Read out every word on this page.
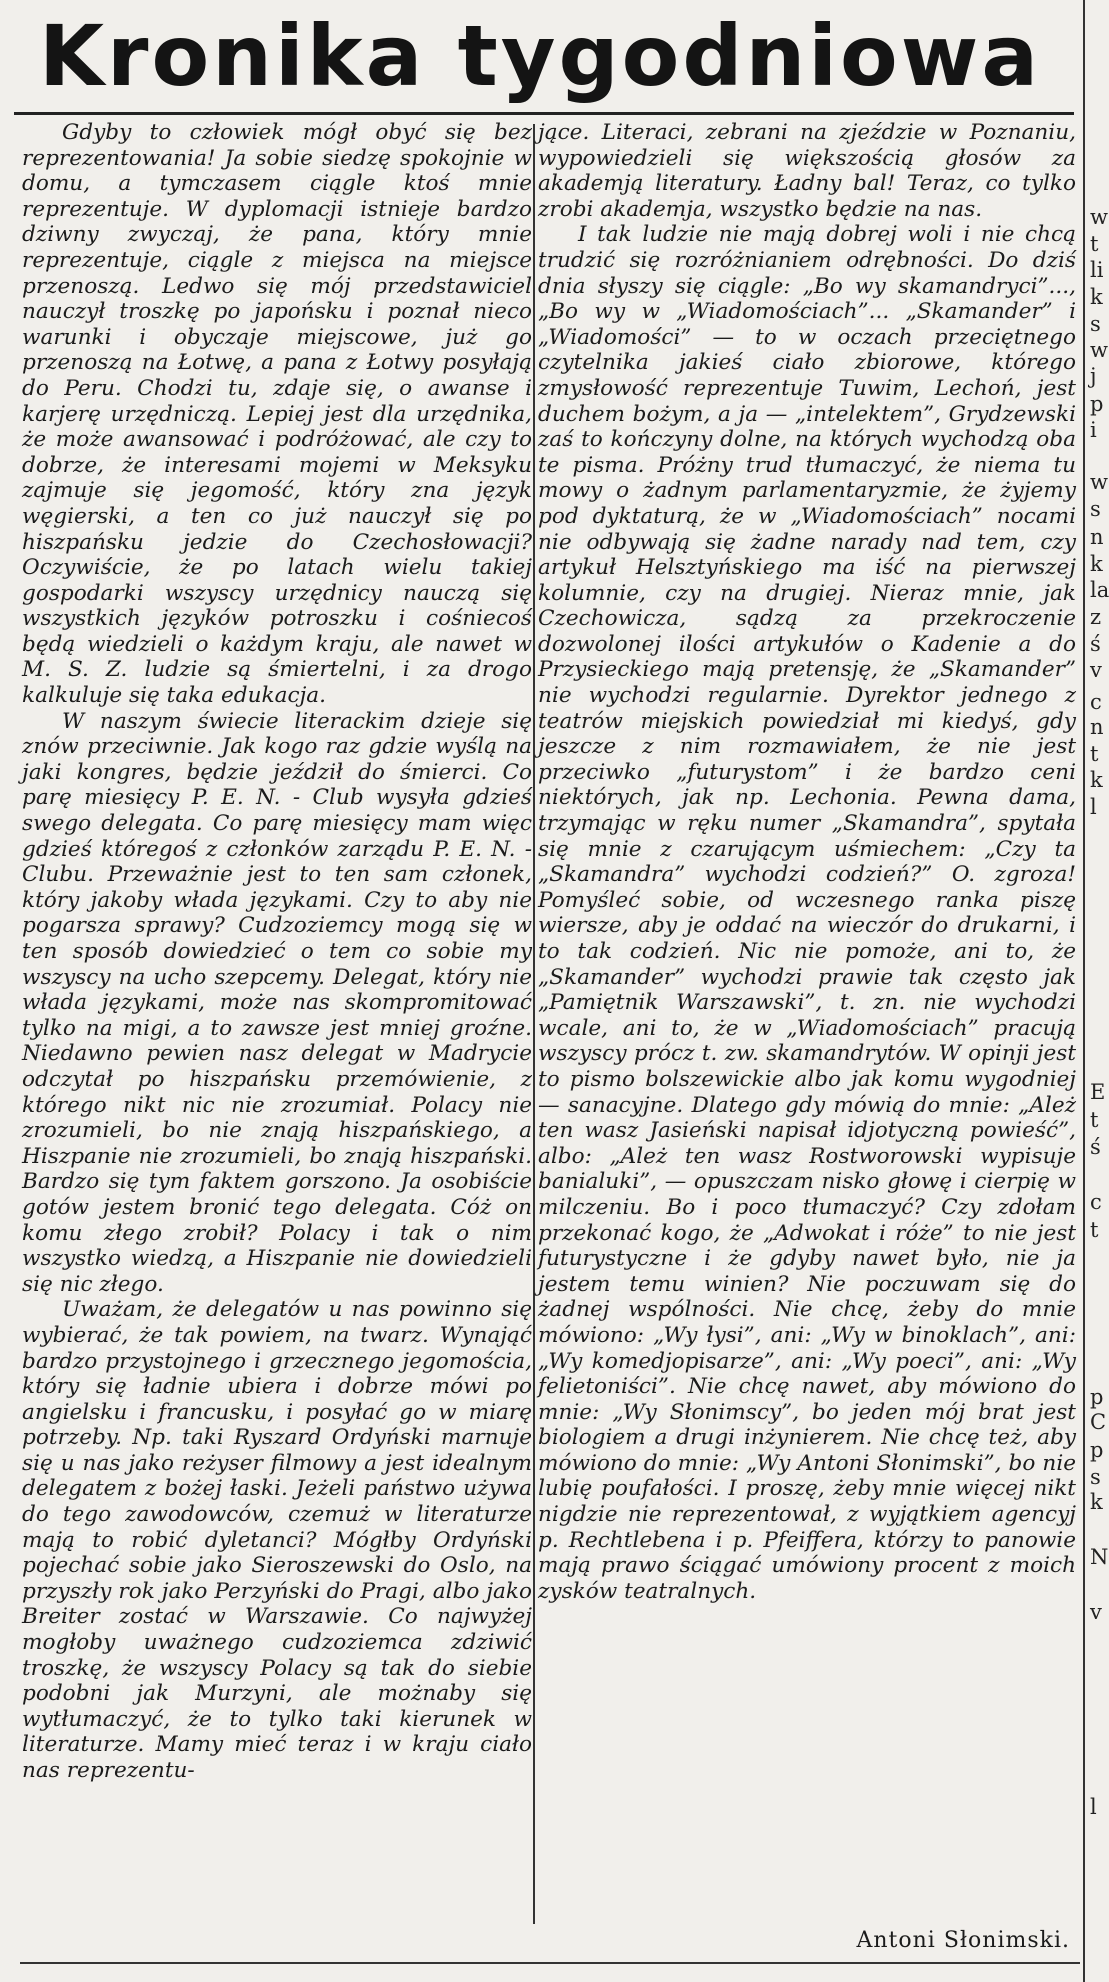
Kronika tygodniowa

Gdyby to człowiek mógł obyć się bez reprezentowania! Ja sobie siedzę spokojnie w domu, a tymczasem ciągle ktoś mnie reprezentuje. W dyplomacji istnieje bardzo dziwny zwyczaj, że pana, który mnie reprezentuje, ciągle z miejsca na miejsce przenoszą. Ledwo się mój przedstawiciel nauczył troszkę po japońsku i poznał nieco warunki i obyczaje miejscowe, już go przenoszą na Łotwę, a pana z Łotwy posyłają do Peru. Chodzi tu, zdaje się, o awanse i karjerę urzędniczą. Lepiej jest dla urzędnika, że może awansować i podróżować, ale czy to dobrze, że interesami mojemi w Meksyku zajmuje się jegomość, który zna język węgierski, a ten co już nauczył się po hiszpańsku jedzie do Czechosłowacji? Oczywiście, że po latach wielu takiej gospodarki wszyscy urzędnicy nauczą się wszystkich języków potroszku i cośniecoś będą wiedzieli o każdym kraju, ale nawet w M. S. Z. ludzie są śmiertelni, i za drogo kalkuluje się taka edukacja.

W naszym świecie literackim dzieje się znów przeciwnie. Jak kogo raz gdzie wyślą na jaki kongres, będzie jeździł do śmierci. Co parę miesięcy P. E. N. - Club wysyła gdzieś swego delegata. Co parę miesięcy mam więc gdzieś któregoś z członków zarządu P. E. N. - Clubu. Przeważnie jest to ten sam członek, który jakoby włada językami. Czy to aby nie pogarsza sprawy? Cudzoziemcy mogą się w ten sposób dowiedzieć o tem co sobie my wszyscy na ucho szepcemy. Delegat, który nie włada językami, może nas skompromitować tylko na migi, a to zawsze jest mniej groźne. Niedawno pewien nasz delegat w Madrycie odczytał po hiszpańsku przemówienie, z którego nikt nic nie zrozumiał. Polacy nie zrozumieli, bo nie znają hiszpańskiego, a Hiszpanie nie zrozumieli, bo znają hiszpański. Bardzo się tym faktem gorszono. Ja osobiście gotów jestem bronić tego delegata. Cóż on komu złego zrobił? Polacy i tak o nim wszystko wiedzą, a Hiszpanie nie dowiedzieli się nic złego.

Uważam, że delegatów u nas powinno się wybierać, że tak powiem, na twarz. Wynająć bardzo przystojnego i grzecznego jegomościa, który się ładnie ubiera i dobrze mówi po angielsku i francusku, i posyłać go w miarę potrzeby. Np. taki Ryszard Ordyński marnuje się u nas jako reżyser filmowy a jest idealnym delegatem z bożej łaski. Jeżeli państwo używa do tego zawodowców, czemuż w literaturze mają to robić dyletanci? Mógłby Ordyński pojechać sobie jako Sieroszewski do Oslo, na przyszły rok jako Perzyński do Pragi, albo jako Breiter zostać w Warszawie. Co najwyżej mogłoby uważnego cudzoziemca zdziwić troszkę, że wszyscy Polacy są tak do siebie podobni jak Murzyni, ale możnaby się wytłumaczyć, że to tylko taki kierunek w literaturze. Mamy mieć teraz i w kraju ciało nas reprezentu-

jące. Literaci, zebrani na zjeździe w Poznaniu, wypowiedzieli się większością głosów za akademją literatury. Ładny bal! Teraz, co tylko zrobi akademja, wszystko będzie na nas.

I tak ludzie nie mają dobrej woli i nie chcą trudzić się rozróżnianiem odrębności. Do dziś dnia słyszy się ciągle: „Bo wy skamandryci”..., „Bo wy w „Wiadomościach”... „Skamander” i „Wiadomości” — to w oczach przeciętnego czytelnika jakieś ciało zbiorowe, którego zmysłowość reprezentuje Tuwim, Lechoń, jest duchem bożym, a ja — „intelektem”, Grydzewski zaś to kończyny dolne, na których wychodzą oba te pisma. Próżny trud tłumaczyć, że niema tu mowy o żadnym parlamentaryzmie, że żyjemy pod dyktaturą, że w „Wiadomościach” nocami nie odbywają się żadne narady nad tem, czy artykuł Helsztyńskiego ma iść na pierwszej kolumnie, czy na drugiej. Nieraz mnie, jak Czechowicza, sądzą za przekroczenie dozwolonej ilości artykułów o Kadenie a do Przysieckiego mają pretensję, że „Skamander” nie wychodzi regularnie. Dyrektor jednego z teatrów miejskich powiedział mi kiedyś, gdy jeszcze z nim rozmawiałem, że nie jest przeciwko „futurystom” i że bardzo ceni niektórych, jak np. Lechonia. Pewna dama, trzymając w ręku numer „Skamandra”, spytała się mnie z czarującym uśmiechem: „Czy ta „Skamandra” wychodzi codzień?” O. zgroza! Pomyśleć sobie, od wczesnego ranka piszę wiersze, aby je oddać na wieczór do drukarni, i to tak codzień. Nic nie pomoże, ani to, że „Skamander” wychodzi prawie tak często jak „Pamiętnik Warszawski”, t. zn. nie wychodzi wcale, ani to, że w „Wiadomościach” pracują wszyscy prócz t. zw. skamandrytów. W opinji jest to pismo bolszewickie albo jak komu wygodniej — sanacyjne. Dlatego gdy mówią do mnie: „Ależ ten wasz Jasieński napisał idjotyczną powieść”, albo: „Ależ ten wasz Rostworowski wypisuje banialuki”, — opuszczam nisko głowę i cierpię w milczeniu. Bo i poco tłumaczyć? Czy zdołam przekonać kogo, że „Adwokat i róże” to nie jest futurystyczne i że gdyby nawet było, nie ja jestem temu winien? Nie poczuwam się do żadnej wspólności. Nie chcę, żeby do mnie mówiono: „Wy łysi”, ani: „Wy w binoklach”, ani: „Wy komedjopisarze”, ani: „Wy poeci”, ani: „Wy felietoniści”. Nie chcę nawet, aby mówiono do mnie: „Wy Słonimscy”, bo jeden mój brat jest biologiem a drugi inżynierem. Nie chcę też, aby mówiono do mnie: „Wy Antoni Słonimski”, bo nie lubię poufałości. I proszę, żeby mnie więcej nikt nigdzie nie reprezentował, z wyjątkiem agencyj p. Rechtlebena i p. Pfeiffera, którzy to panowie mają prawo ściągać umówiony procent z moich zysków teatralnych.

Antoni Słonimski.
w
t
li
k
s
w
j
p
i
w
s
n
k
la
z
ś
v
c
n
t
k
l
E
t
ś
c
t
p
C
p
s
k
N
v
l
